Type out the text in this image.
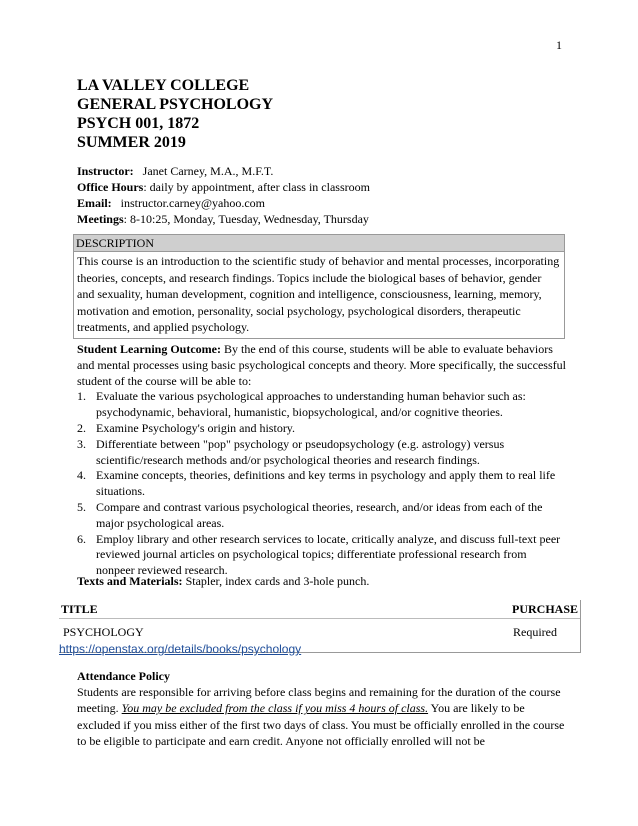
1
LA VALLEY COLLEGE
GENERAL PSYCHOLOGY
PSYCH 001, 1872
SUMMER 2019
Instructor: Janet Carney, M.A., M.F.T.
Office Hours: daily by appointment, after class in classroom
Email: instructor.carney@yahoo.com
Meetings: 8-10:25, Monday, Tuesday, Wednesday, Thursday
DESCRIPTION
This course is an introduction to the scientific study of behavior and mental processes, incorporating theories, concepts, and research findings. Topics include the biological bases of behavior, gender and sexuality, human development, cognition and intelligence, consciousness, learning, memory, motivation and emotion, personality, social psychology, psychological disorders, therapeutic treatments, and applied psychology.
Student Learning Outcome: By the end of this course, students will be able to evaluate behaviors and mental processes using basic psychological concepts and theory. More specifically, the successful student of the course will be able to:
1. Evaluate the various psychological approaches to understanding human behavior such as: psychodynamic, behavioral, humanistic, biopsychological, and/or cognitive theories.
2. Examine Psychology's origin and history.
3. Differentiate between "pop" psychology or pseudopsychology (e.g. astrology) versus scientific/research methods and/or psychological theories and research findings.
4. Examine concepts, theories, definitions and key terms in psychology and apply them to real life situations.
5. Compare and contrast various psychological theories, research, and/or ideas from each of the major psychological areas.
6. Employ library and other research services to locate, critically analyze, and discuss full-text peer reviewed journal articles on psychological topics; differentiate professional research from nonpeer reviewed research.
Texts and Materials: Stapler, index cards and 3-hole punch.
TITLE	PURCHASE
PSYCHOLOGY	Required
https://openstax.org/details/books/psychology
Attendance Policy
Students are responsible for arriving before class begins and remaining for the duration of the course meeting. You may be excluded from the class if you miss 4 hours of class. You are likely to be excluded if you miss either of the first two days of class. You must be officially enrolled in the course to be eligible to participate and earn credit. Anyone not officially enrolled will not be
